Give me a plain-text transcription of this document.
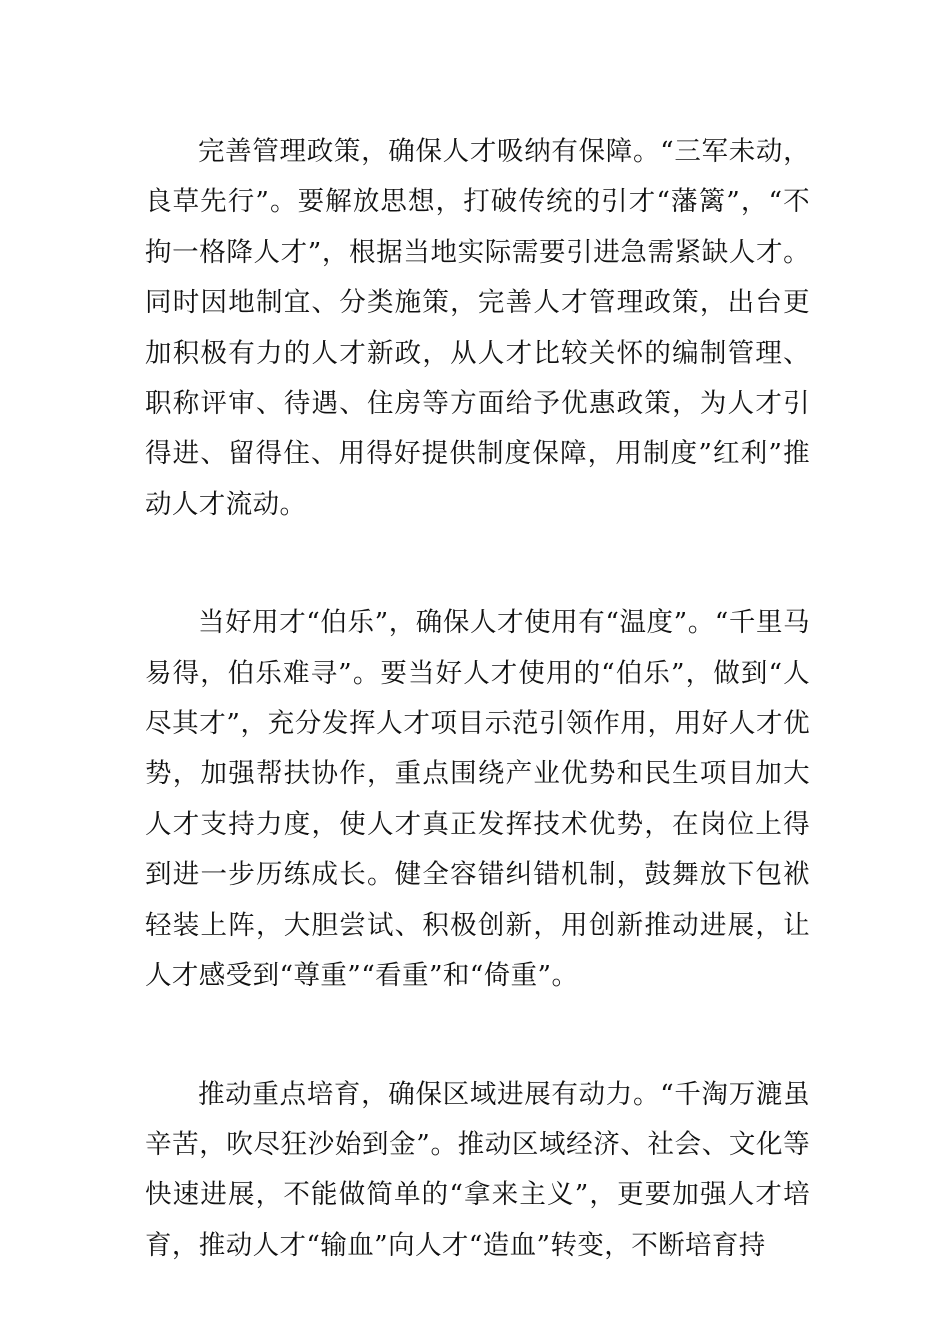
完善管理政策，确保人才吸纳有保障。“三军未动，良草先行”。要解放思想，打破传统的引才“藩篱”，“不拘一格降人才”，根据当地实际需要引进急需紧缺人才。同时因地制宜、分类施策，完善人才管理政策，出台更加积极有力的人才新政，从人才比较关怀的编制管理、职称评审、待遇、住房等方面给予优惠政策，为人才引得进、留得住、用得好提供制度保障，用制度”红利”推动人才流动。

当好用才“伯乐”，确保人才使用有“温度”。“千里马易得，伯乐难寻”。要当好人才使用的“伯乐”，做到“人尽其才”，充分发挥人才项目示范引领作用，用好人才优势，加强帮扶协作，重点围绕产业优势和民生项目加大人才支持力度，使人才真正发挥技术优势，在岗位上得到进一步历练成长。健全容错纠错机制，鼓舞放下包袱轻装上阵，大胆尝试、积极创新，用创新推动进展，让人才感受到“尊重”“看重”和“倚重”。

推动重点培育，确保区域进展有动力。“千淘万漉虽辛苦，吹尽狂沙始到金”。推动区域经济、社会、文化等快速进展，不能做简单的“拿来主义”，更要加强人才培育，推动人才“输血”向人才“造血”转变，不断培育持
